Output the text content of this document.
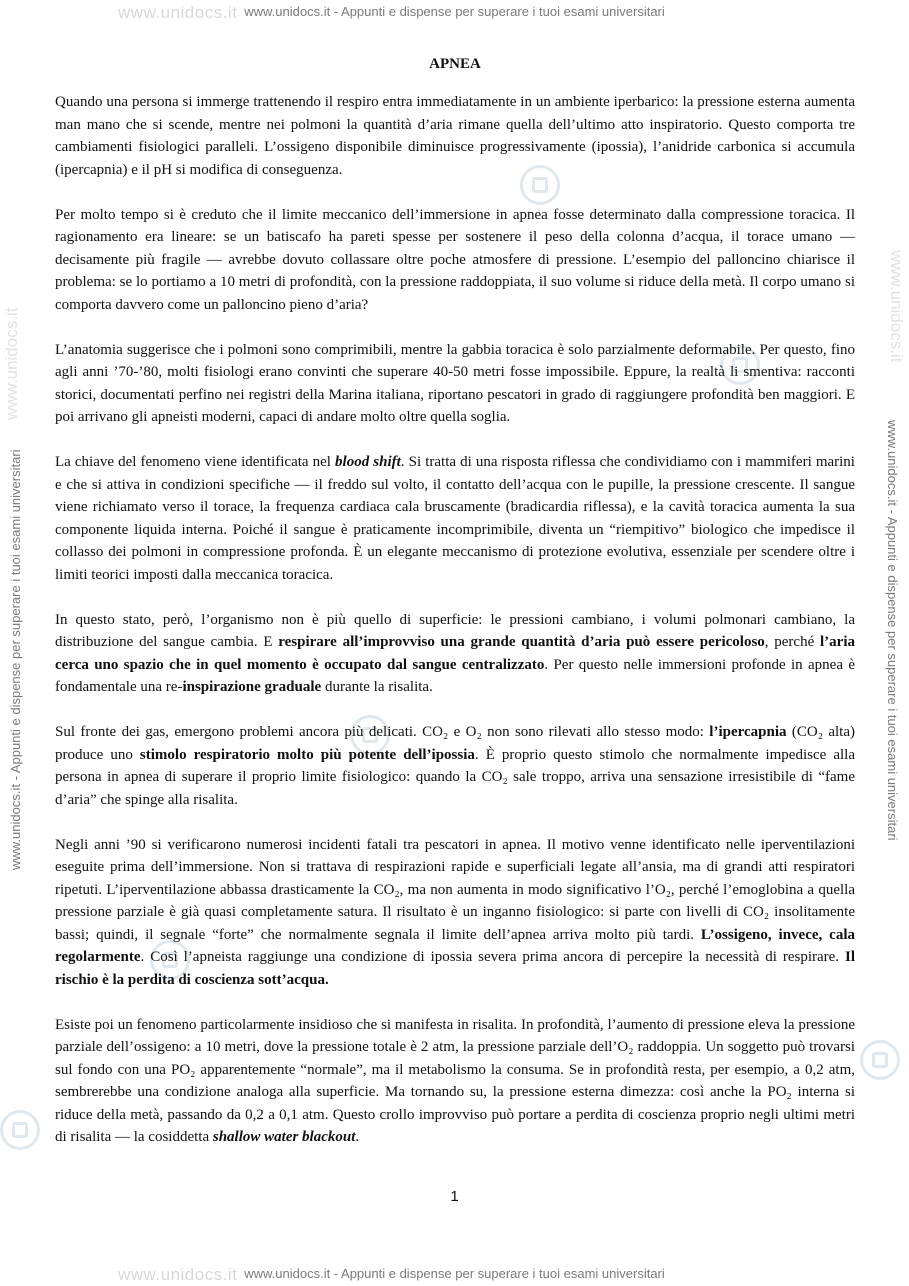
www.unidocs.it www.unidocs.it - Appunti e dispense per superare i tuoi esami universitari
www.unidocs.it
www.unidocs.it - Appunti e dispense per superare i tuoi esami universitari
www.unidocs.it
www.unidocs.it - Appunti e dispense per superare i tuoi esami universitari
www.unidocs.it www.unidocs.it - Appunti e dispense per superare i tuoi esami universitari
APNEA

Quando una persona si immerge trattenendo il respiro entra immediatamente in un ambiente iperbarico: la pressione esterna aumenta man mano che si scende, mentre nei polmoni la quantità d’aria rimane quella dell’ultimo atto inspiratorio. Questo comporta tre cambiamenti fisiologici paralleli. L’ossigeno disponibile diminuisce progressivamente (ipossia), l’anidride carbonica si accumula (ipercapnia) e il pH si modifica di conseguenza.

Per molto tempo si è creduto che il limite meccanico dell’immersione in apnea fosse determinato dalla compressione toracica. Il ragionamento era lineare: se un batiscafo ha pareti spesse per sostenere il peso della colonna d’acqua, il torace umano — decisamente più fragile — avrebbe dovuto collassare oltre poche atmosfere di pressione. L’esempio del palloncino chiarisce il problema: se lo portiamo a 10 metri di profondità, con la pressione raddoppiata, il suo volume si riduce della metà. Il corpo umano si comporta davvero come un palloncino pieno d’aria?

L’anatomia suggerisce che i polmoni sono comprimibili, mentre la gabbia toracica è solo parzialmente deformabile. Per questo, fino agli anni ’70-’80, molti fisiologi erano convinti che superare 40-50 metri fosse impossibile. Eppure, la realtà li smentiva: racconti storici, documentati perfino nei registri della Marina italiana, riportano pescatori in grado di raggiungere profondità ben maggiori. E poi arrivano gli apneisti moderni, capaci di andare molto oltre quella soglia.

La chiave del fenomeno viene identificata nel blood shift. Si tratta di una risposta riflessa che condividiamo con i mammiferi marini e che si attiva in condizioni specifiche — il freddo sul volto, il contatto dell’acqua con le pupille, la pressione crescente. Il sangue viene richiamato verso il torace, la frequenza cardiaca cala bruscamente (bradicardia riflessa), e la cavità toracica aumenta la sua componente liquida interna. Poiché il sangue è praticamente incomprimibile, diventa un “riempitivo” biologico che impedisce il collasso dei polmoni in compressione profonda. È un elegante meccanismo di protezione evolutiva, essenziale per scendere oltre i limiti teorici imposti dalla meccanica toracica.

In questo stato, però, l’organismo non è più quello di superficie: le pressioni cambiano, i volumi polmonari cambiano, la distribuzione del sangue cambia. E respirare all’improvviso una grande quantità d’aria può essere pericoloso, perché l’aria cerca uno spazio che in quel momento è occupato dal sangue centralizzato. Per questo nelle immersioni profonde in apnea è fondamentale una re-inspirazione graduale durante la risalita.

Sul fronte dei gas, emergono problemi ancora più delicati. CO₂ e O₂ non sono rilevati allo stesso modo: l’ipercapnia (CO₂ alta) produce uno stimolo respiratorio molto più potente dell’ipossia. È proprio questo stimolo che normalmente impedisce alla persona in apnea di superare il proprio limite fisiologico: quando la CO₂ sale troppo, arriva una sensazione irresistibile di “fame d’aria” che spinge alla risalita.

Negli anni ’90 si verificarono numerosi incidenti fatali tra pescatori in apnea. Il motivo venne identificato nelle iperventilazioni eseguite prima dell’immersione. Non si trattava di respirazioni rapide e superficiali legate all’ansia, ma di grandi atti respiratori ripetuti. L’iperventilazione abbassa drasticamente la CO₂, ma non aumenta in modo significativo l’O₂, perché l’emoglobina a quella pressione parziale è già quasi completamente satura. Il risultato è un inganno fisiologico: si parte con livelli di CO₂ insolitamente bassi; quindi, il segnale “forte” che normalmente segnala il limite dell’apnea arriva molto più tardi. L’ossigeno, invece, cala regolarmente. Così l’apneista raggiunge una condizione di ipossia severa prima ancora di percepire la necessità di respirare. Il rischio è la perdita di coscienza sott’acqua.

Esiste poi un fenomeno particolarmente insidioso che si manifesta in risalita. In profondità, l’aumento di pressione eleva la pressione parziale dell’ossigeno: a 10 metri, dove la pressione totale è 2 atm, la pressione parziale dell’O₂ raddoppia. Un soggetto può trovarsi sul fondo con una PO₂ apparentemente “normale”, ma il metabolismo la consuma. Se in profondità resta, per esempio, a 0,2 atm, sembrerebbe una condizione analoga alla superficie. Ma tornando su, la pressione esterna dimezza: così anche la PO₂ interna si riduce della metà, passando da 0,2 a 0,1 atm. Questo crollo improvviso può portare a perdita di coscienza proprio negli ultimi metri di risalita — la cosiddetta shallow water blackout.

1
